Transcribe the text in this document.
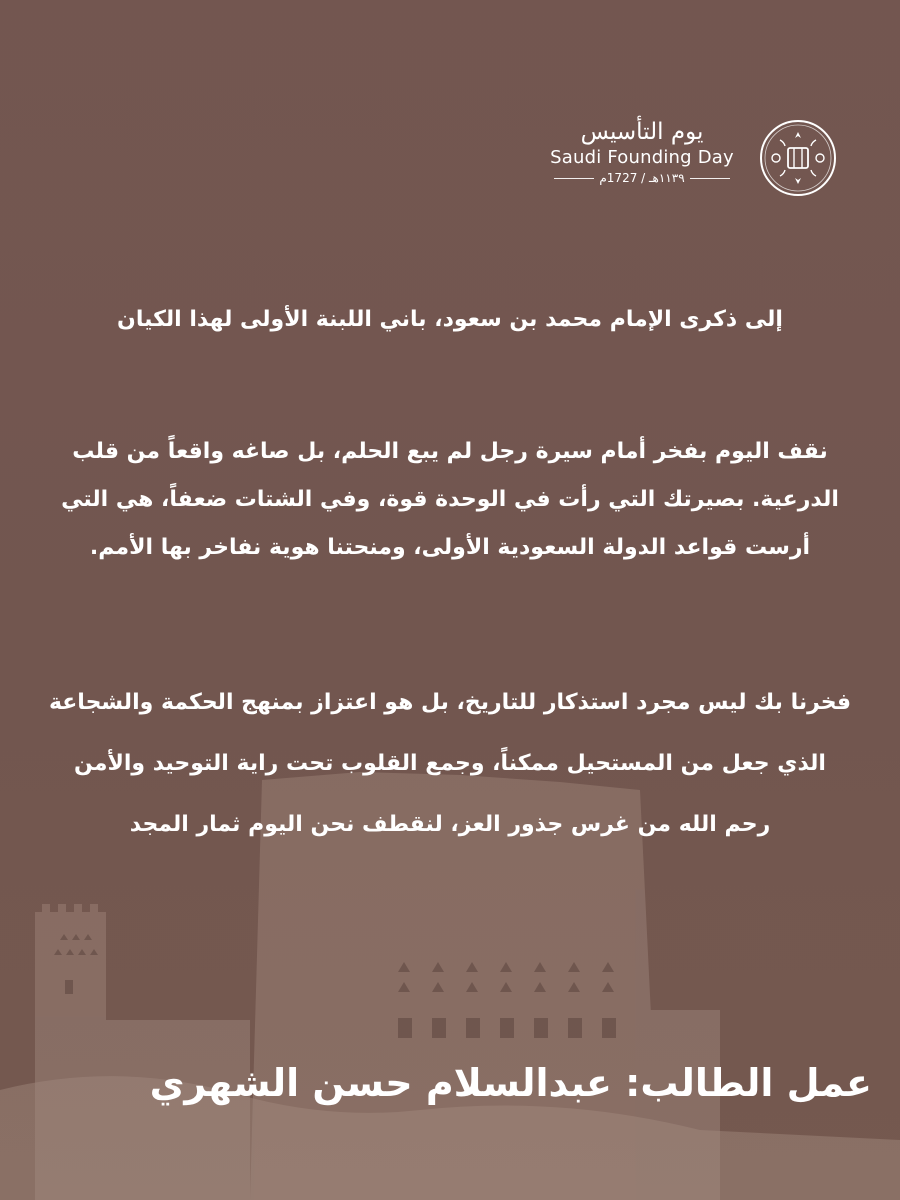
يوم التأسيس
Saudi Founding Day
١١٣٩هـ / 1727م
إلى ذكرى الإمام محمد بن سعود، باني اللبنة الأولى لهذا الكيان
نقف اليوم بفخر أمام سيرة رجل لم يبع الحلم، بل صاغه واقعاً من قلب
الدرعية. بصيرتك التي رأت في الوحدة قوة، وفي الشتات ضعفاً، هي التي
أرست قواعد الدولة السعودية الأولى، ومنحتنا هوية نفاخر بها الأمم.
فخرنا بك ليس مجرد استذكار للتاريخ، بل هو اعتزاز بمنهج الحكمة والشجاعة
الذي جعل من المستحيل ممكناً، وجمع القلوب تحت راية التوحيد والأمن
رحم الله من غرس جذور العز، لنقطف نحن اليوم ثمار المجد
عمل الطالب: عبدالسلام حسن الشهري
